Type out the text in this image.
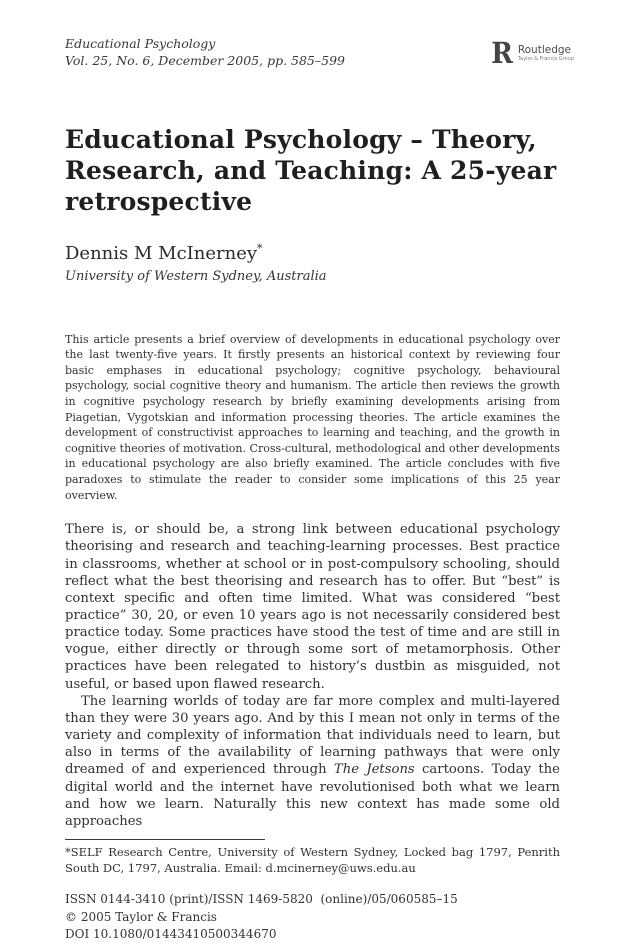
Educational Psychology
Vol. 25, No. 6, December 2005, pp. 585–599	R Routledge
Taylor & Francis Group
Educational Psychology – Theory, Research, and Teaching: A 25-year retrospective
Dennis M McInerney*
University of Western Sydney, Australia

This article presents a brief overview of developments in educational psychology over the last twenty-five years. It firstly presents an historical context by reviewing four basic emphases in educational psychology; cognitive psychology, behavioural psychology, social cognitive theory and humanism. The article then reviews the growth in cognitive psychology research by briefly examining developments arising from Piagetian, Vygotskian and information processing theories. The article examines the development of constructivist approaches to learning and teaching, and the growth in cognitive theories of motivation. Cross-cultural, methodological and other developments in educational psychology are also briefly examined. The article concludes with five paradoxes to stimulate the reader to consider some implications of this 25 year overview.

There is, or should be, a strong link between educational psychology theorising and research and teaching-learning processes. Best practice in classrooms, whether at school or in post-compulsory schooling, should reflect what the best theorising and research has to offer. But “best” is context specific and often time limited. What was considered “best practice” 30, 20, or even 10 years ago is not necessarily considered best practice today. Some practices have stood the test of time and are still in vogue, either directly or through some sort of metamorphosis. Other practices have been relegated to history’s dustbin as misguided, not useful, or based upon flawed research.

The learning worlds of today are far more complex and multi-layered than they were 30 years ago. And by this I mean not only in terms of the variety and complexity of information that individuals need to learn, but also in terms of the availability of learning pathways that were only dreamed of and experienced through The Jetsons cartoons. Today the digital world and the internet have revolutionised both what we learn and how we learn. Naturally this new context has made some old approaches

*SELF Research Centre, University of Western Sydney, Locked bag 1797, Penrith South DC, 1797, Australia. Email: d.mcinerney@uws.edu.au

ISSN 0144-3410 (print)/ISSN 1469-5820  (online)/05/060585–15
© 2005 Taylor & Francis
DOI 10.1080/01443410500344670
